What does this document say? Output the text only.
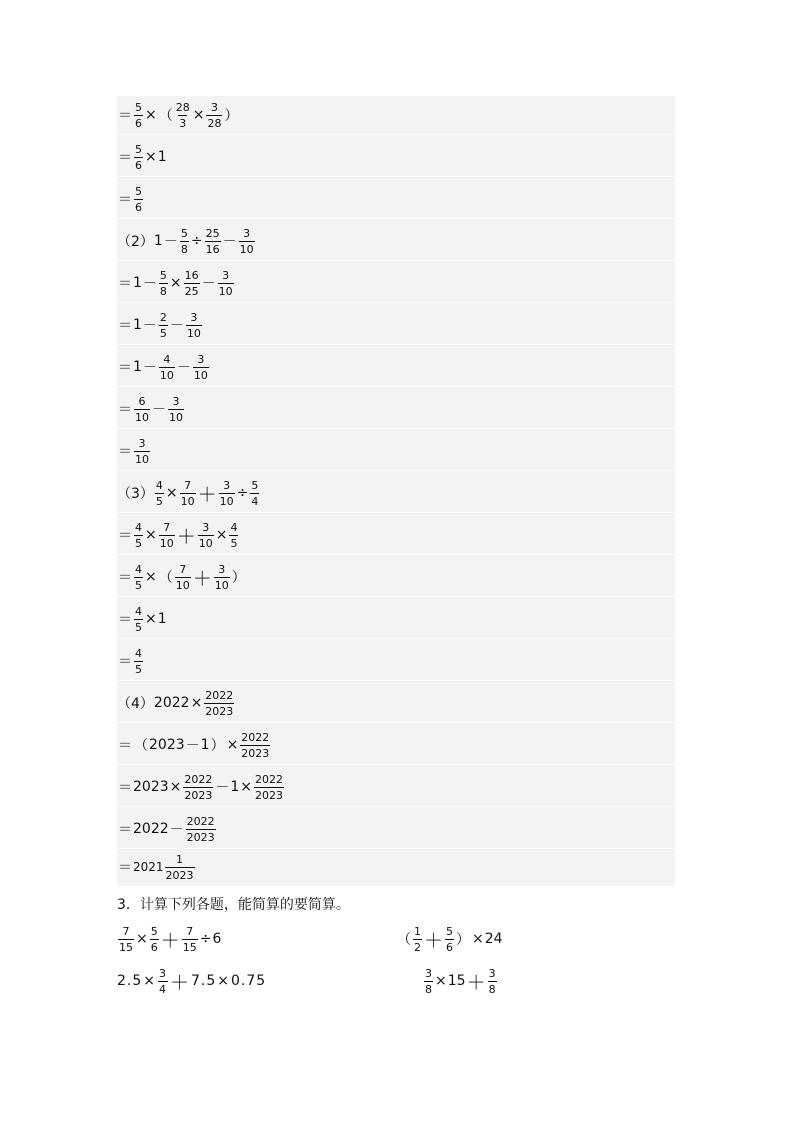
＝ $\frac{5}{6}$ × （ $\frac{28}{3} \times \frac{3}{28}$ ）
＝ $\frac{5}{6} \times 1$
＝ $\frac{5}{6}$
（2） $1 - \frac{5}{8} \div \frac{25}{16} - \frac{3}{10}$
＝ $1 - \frac{5}{8} \times \frac{16}{25} - \frac{3}{10}$
＝ $1 - \frac{2}{5} - \frac{3}{10}$
＝ $1 - \frac{4}{10} - \frac{3}{10}$
＝ $\frac{6}{10} - \frac{3}{10}$
＝ $\frac{3}{10}$
$(3) \frac{4}{5} \times \frac{7}{10} + \frac{3}{10} \div \frac{5}{4}$
＝ $\frac{4}{5} \times \frac{7}{10} + \frac{3}{10} \times \frac{4}{5}$
＝ $\frac{4}{5}$ × （ $\frac{7}{10} + \frac{3}{10}$ ）
＝ $\frac{4}{5} \times 1$
＝ $\frac{4}{5}$
（4） $2022 \times \frac{2022}{2023}$
＝ （ 2023 － 1 ） × $\frac{2022}{2023}$
＝ $2023 \times \frac{2022}{2023} - 1 \times \frac{2022}{2023}$
＝ $2022 - \frac{2022}{2023}$
＝ $2021 \frac{1}{2023}$
3．计算下列各题，能简算的要简算。
$\frac{7}{15} \times \frac{5}{6} + \frac{7}{15} \div 6$	（ $\frac{1}{2} + \frac{5}{6}$ ） × 24
$2.5 \times \frac{3}{4} + 7.5 \times 0.75$	$\frac{3}{8} \times 15 + \frac{3}{8}$
